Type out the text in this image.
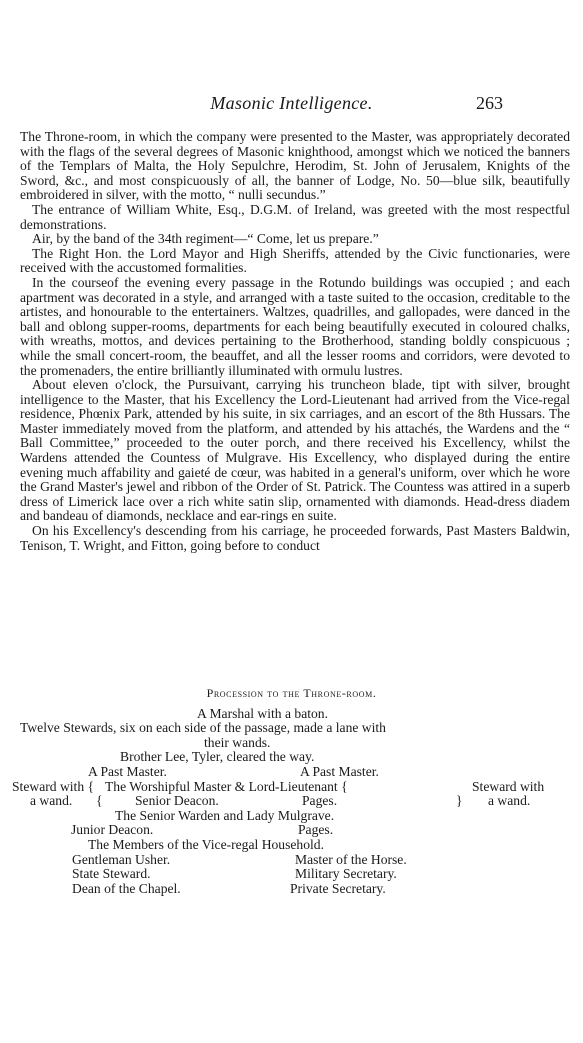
Masonic Intelligence.	263

The Throne-room, in which the company were presented to the Master, was appropriately decorated with the flags of the several degrees of Masonic knighthood, amongst which we noticed the banners of the Templars of Malta, the Holy Sepulchre, Herodim, St. John of Jerusalem, Knights of the Sword, &c., and most conspicuously of all, the banner of Lodge, No. 50—blue silk, beautifully embroidered in silver, with the motto, “ nulli secundus.”

The entrance of William White, Esq., D.G.M. of Ireland, was greeted with the most respectful demonstrations.

Air, by the band of the 34th regiment—“ Come, let us prepare.”

The Right Hon. the Lord Mayor and High Sheriffs, attended by the Civic functionaries, were received with the accustomed formalities.

In the courseof the evening every passage in the Rotundo buildings was occupied ; and each apartment was decorated in a style, and arranged with a taste suited to the occasion, creditable to the artistes, and honourable to the entertainers. Waltzes, quadrilles, and gallopades, were danced in the ball and oblong supper-rooms, departments for each being beautifully executed in coloured chalks, with wreaths, mottos, and devices pertaining to the Brotherhood, standing boldly conspicuous ; while the small concert-room, the beauffet, and all the lesser rooms and corridors, were devoted to the promenaders, the entire brilliantly illuminated with ormulu lustres.

About eleven o'clock, the Pursuivant, carrying his truncheon blade, tipt with silver, brought intelligence to the Master, that his Excellency the Lord-Lieutenant had arrived from the Vice-regal residence, Phœnix Park, attended by his suite, in six carriages, and an escort of the 8th Hussars. The Master immediately moved from the platform, and attended by his attachés, the Wardens and the “ Ball Committee,” proceeded to the outer porch, and there received his Excellency, whilst the Wardens attended the Countess of Mulgrave. His Excellency, who displayed during the entire evening much affability and gaieté de cœur, was habited in a general's uniform, over which he wore the Grand Master's jewel and ribbon of the Order of St. Patrick. The Countess was attired in a superb dress of Limerick lace over a rich white satin slip, ornamented with diamonds. Head-dress diadem and bandeau of diamonds, necklace and ear-rings en suite.

On his Excellency's descending from his carriage, he proceeded forwards, Past Masters Baldwin, Tenison, T. Wright, and Fitton, going before to conduct

Procession to the Throne-room.
A Marshal with a baton.
Twelve Stewards, six on each side of the passage, made a lane with
their wands.
Brother Lee, Tyler, cleared the way.
A Past Master.	A Past Master.
Steward with { The Worshipful Master & Lord-Lieutenant {	Steward with
a wand. { Senior Deacon.	Pages.	} a wand.
The Senior Warden and Lady Mulgrave.
Junior Deacon.	Pages.
The Members of the Vice-regal Household.
Gentleman Usher.	Master of the Horse.
State Steward.	Military Secretary.
Dean of the Chapel.	Private Secretary.
